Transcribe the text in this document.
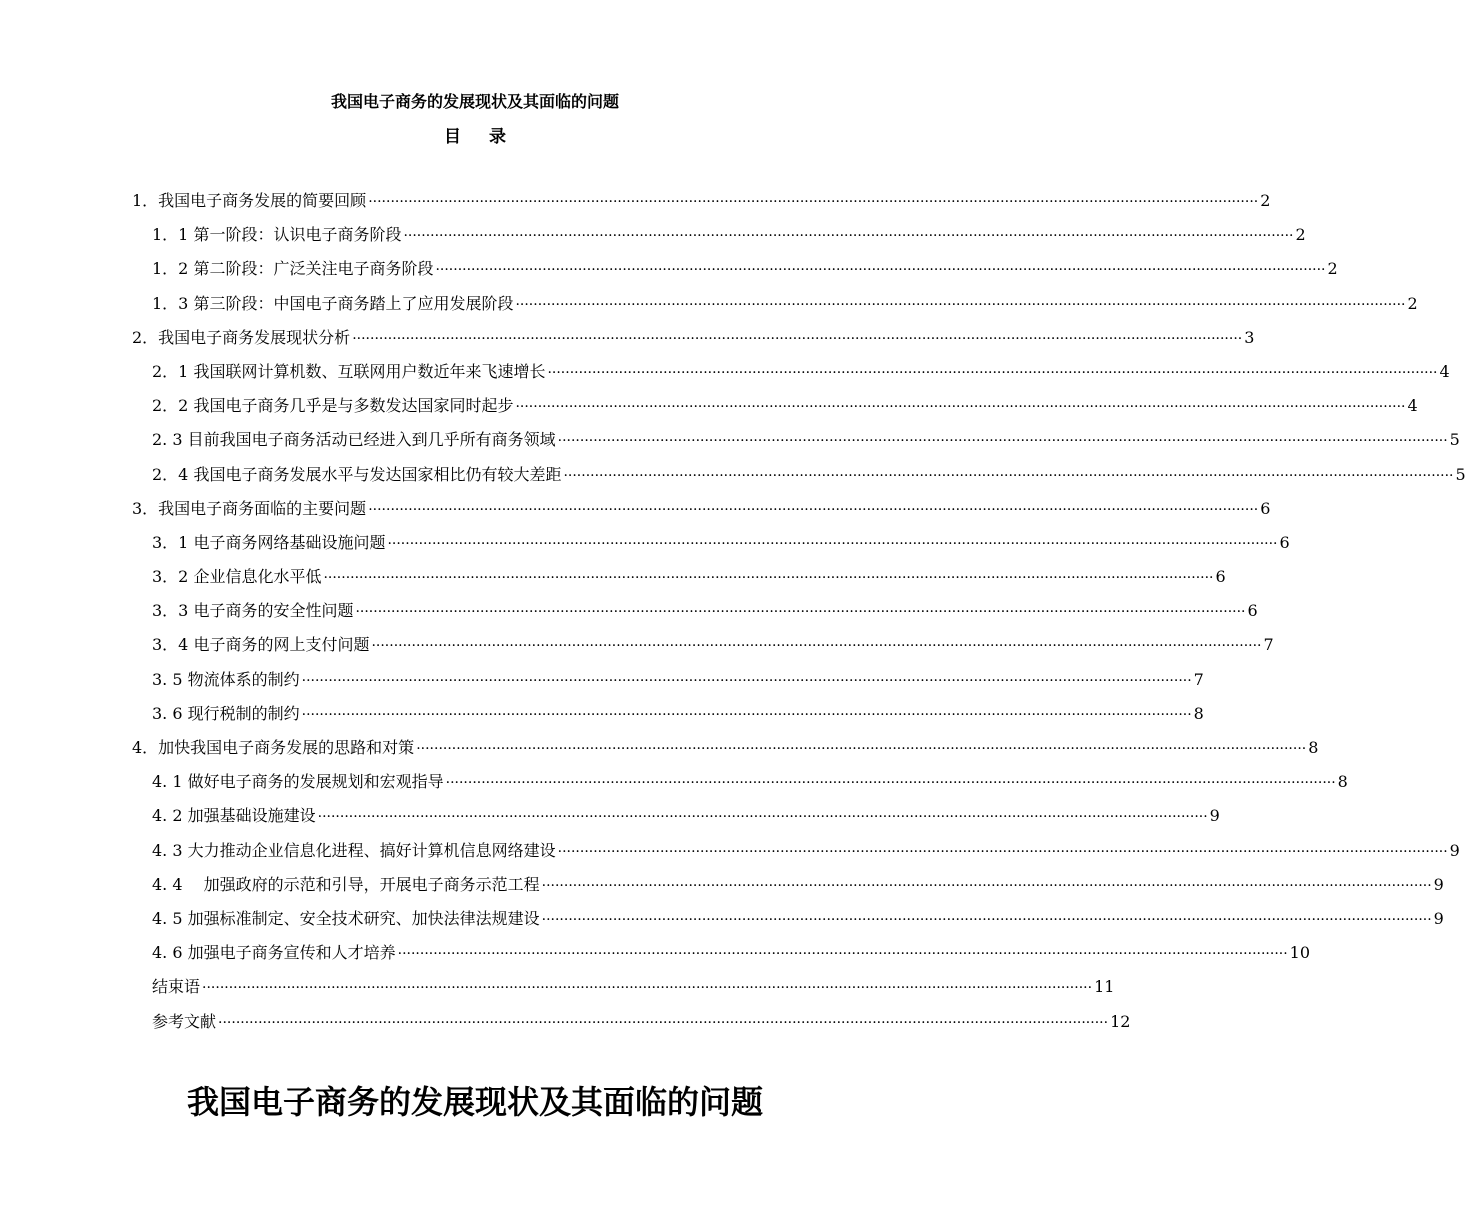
我国电子商务的发展现状及其面临的问题
目录
1．我国电子商务发展的简要回顾 ········································································································································································································ 2
1．1 第一阶段：认识电子商务阶段 ········································································································································································································ 2
1．2 第二阶段：广泛关注电子商务阶段 ········································································································································································································ 2
1．3 第三阶段：中国电子商务踏上了应用发展阶段 ········································································································································································································ 2
2．我国电子商务发展现状分析 ········································································································································································································ 3
2．1 我国联网计算机数、互联网用户数近年来飞速增长 ········································································································································································································ 4
2．2 我国电子商务几乎是与多数发达国家同时起步 ········································································································································································································ 4
2. 3 目前我国电子商务活动已经进入到几乎所有商务领域 ········································································································································································································ 5
2．4 我国电子商务发展水平与发达国家相比仍有较大差距 ········································································································································································································ 5
3．我国电子商务面临的主要问题 ········································································································································································································ 6
3．1 电子商务网络基础设施问题 ········································································································································································································ 6
3．2 企业信息化水平低 ········································································································································································································ 6
3．3 电子商务的安全性问题 ········································································································································································································ 6
3．4 电子商务的网上支付问题 ········································································································································································································ 7
3. 5 物流体系的制约 ········································································································································································································ 7
3. 6 现行税制的制约 ········································································································································································································ 8
4．加快我国电子商务发展的思路和对策 ········································································································································································································ 8
4. 1 做好电子商务的发展规划和宏观指导 ········································································································································································································ 8
4. 2 加强基础设施建设 ········································································································································································································ 9
4. 3 大力推动企业信息化进程、搞好计算机信息网络建设 ········································································································································································································ 9
4. 4 　加强政府的示范和引导，开展电子商务示范工程 ········································································································································································································ 9
4. 5 加强标准制定、安全技术研究、加快法律法规建设 ········································································································································································································ 9
4. 6 加强电子商务宣传和人才培养 ········································································································································································································ 10
结束语 ········································································································································································································ 11
参考文献 ········································································································································································································ 12
我国电子商务的发展现状及其面临的问题
